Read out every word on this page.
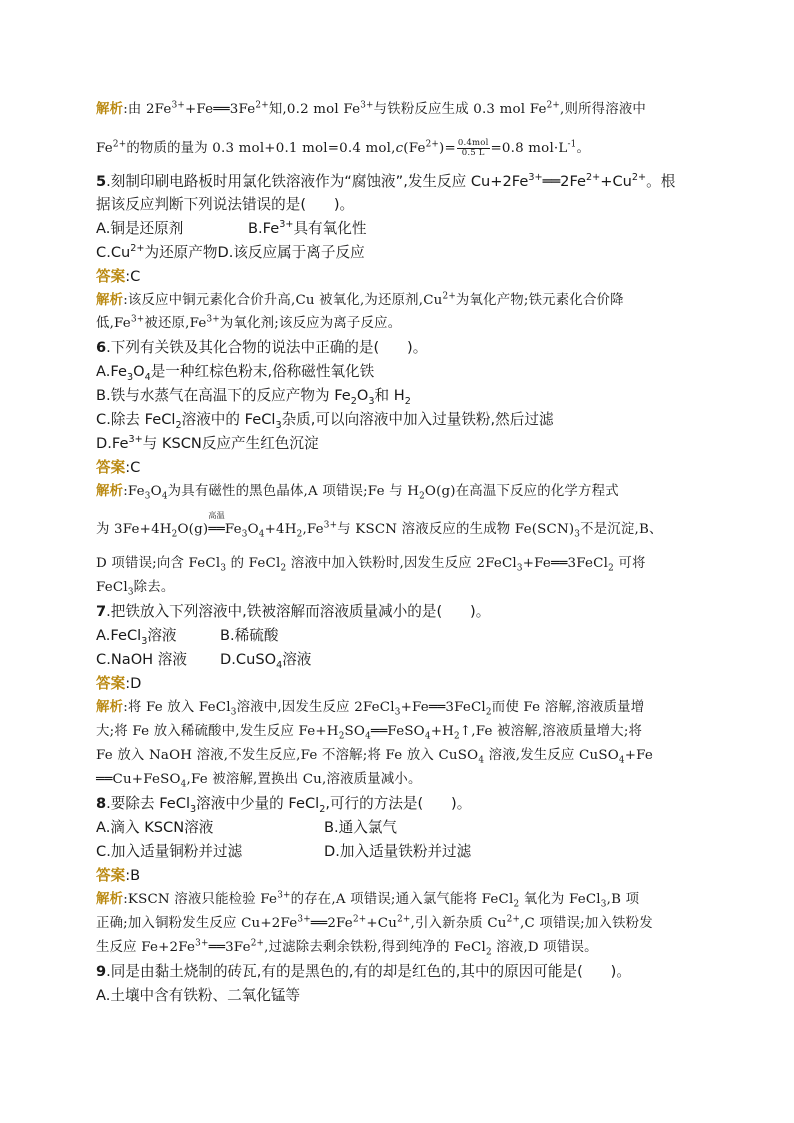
解析:由 $2Fe^{3+}+Fe══3Fe^{2+}$知,0.2 mol $Fe^{3+}$与铁粉反应生成 0.3 mol $Fe^{2+}$,则所得溶液中
$Fe^{2+}$的物质的量为 0.3 mol+0.1 mol=0.4 $mol,c(Fe^{2+})= \frac{\text{0.4mol}}{0.5 L} =0.8$ $mol\cdot L^{-1}$。
5.刻制印刷电路板时用氯化铁溶液作为“腐蚀液”,发生反应 $Cu+2Fe^{3+}══2Fe^{2+}+Cu^{2+}$。根
据该反应判断下列说法错误的是(      )。
A.铜是还原剂	$B.Fe^{3+}$具有氧化性
$C.Cu^{2+}$为还原产物D.该反应属于离子反应
答案:C
解析:该反应中铜元素化合价升高,Cu 被氧化,为还原剂$,Cu^{2+}$为氧化产物;铁元素化合价降
低$,Fe^{3+}$被还原$,Fe^{3+}$为氧化剂;该反应为离子反应。
6.下列有关铁及其化合物的说法中正确的是(      )。
$A.Fe_3O_4$是一种红棕色粉末,俗称磁性氧化铁
B.铁与水蒸气在高温下的反应产物为 $Fe_2O_3$和 $H_2$
C.除去 FeCl$_2$溶液中的 FeCl$_3$杂质,可以向溶液中加入过量铁粉,然后过滤
$D.Fe^{3+}$与 KSCN反应产生红色沉淀
答案:C
解析$:Fe_3O_4$为具有磁性的黑色晶体,A 项错误;Fe 与 $H_2O(g)$在高温下反应的化学方程式
为 $3Fe+4H_2O(g)$
高温
$══Fe_3O_4+4H_2,Fe^{3+}$与 KSCN 溶液反应的生成物 $Fe(SCN)_3$不是沉淀,B、
D 项错误;向含 FeCl$_3$ 的 FeCl$_2$ 溶液中加入铁粉时,因发生反应 2FeCl$_3$+Fe══3FeCl$_2$ 可将
FeCl$_3$除去。
7.把铁放入下列溶液中,铁被溶解而溶液质量减小的是(      )。
A.FeCl$_3$溶液	B.稀硫酸
C.NaOH 溶液 D.CuSO$_4$溶液
答案:D
解析:将 Fe 放入 FeCl$_3$溶液中,因发生反应 2FeCl$_3$+Fe══3FeCl$_2$而使 Fe 溶解,溶液质量增
大;将 Fe 放入稀硫酸中,发生反应 $Fe+H_2SO_4══FeSO_4+H_2↑,Fe$ 被溶解,溶液质量增大;将
Fe 放入 NaOH 溶液,不发生反应,Fe 不溶解;将 Fe 放入 CuSO$_4$ 溶液,发生反应 CuSO$_4$+Fe
══Cu+FeSO$_4$,Fe 被溶解,置换出 Cu,溶液质量减小。
8.要除去 FeCl$_3$溶液中少量的 FeCl$_2$,可行的方法是(      )。
A.滴入 KSCN溶液	B.通入氯气
C.加入适量铜粉并过滤	D.加入适量铁粉并过滤
答案:B
解析:KSCN 溶液只能检验 $Fe^{3+}$的存在,A 项错误;通入氯气能将 FeCl$_2$ 氧化为 FeCl$_3$,B 项
正确;加入铜粉发生反应 $Cu+2Fe^{3+}══2Fe^{2+}+Cu^{2+}$,引入新杂质 $Cu^{2+},C$ 项错误;加入铁粉发
生反应 $Fe+2Fe^{3+}══3Fe^{2+}$,过滤除去剩余铁粉,得到纯净的 FeCl$_2$ 溶液,D 项错误。
9.同是由黏土烧制的砖瓦,有的是黑色的,有的却是红色的,其中的原因可能是(      )。
A.土壤中含有铁粉、二氧化锰等
